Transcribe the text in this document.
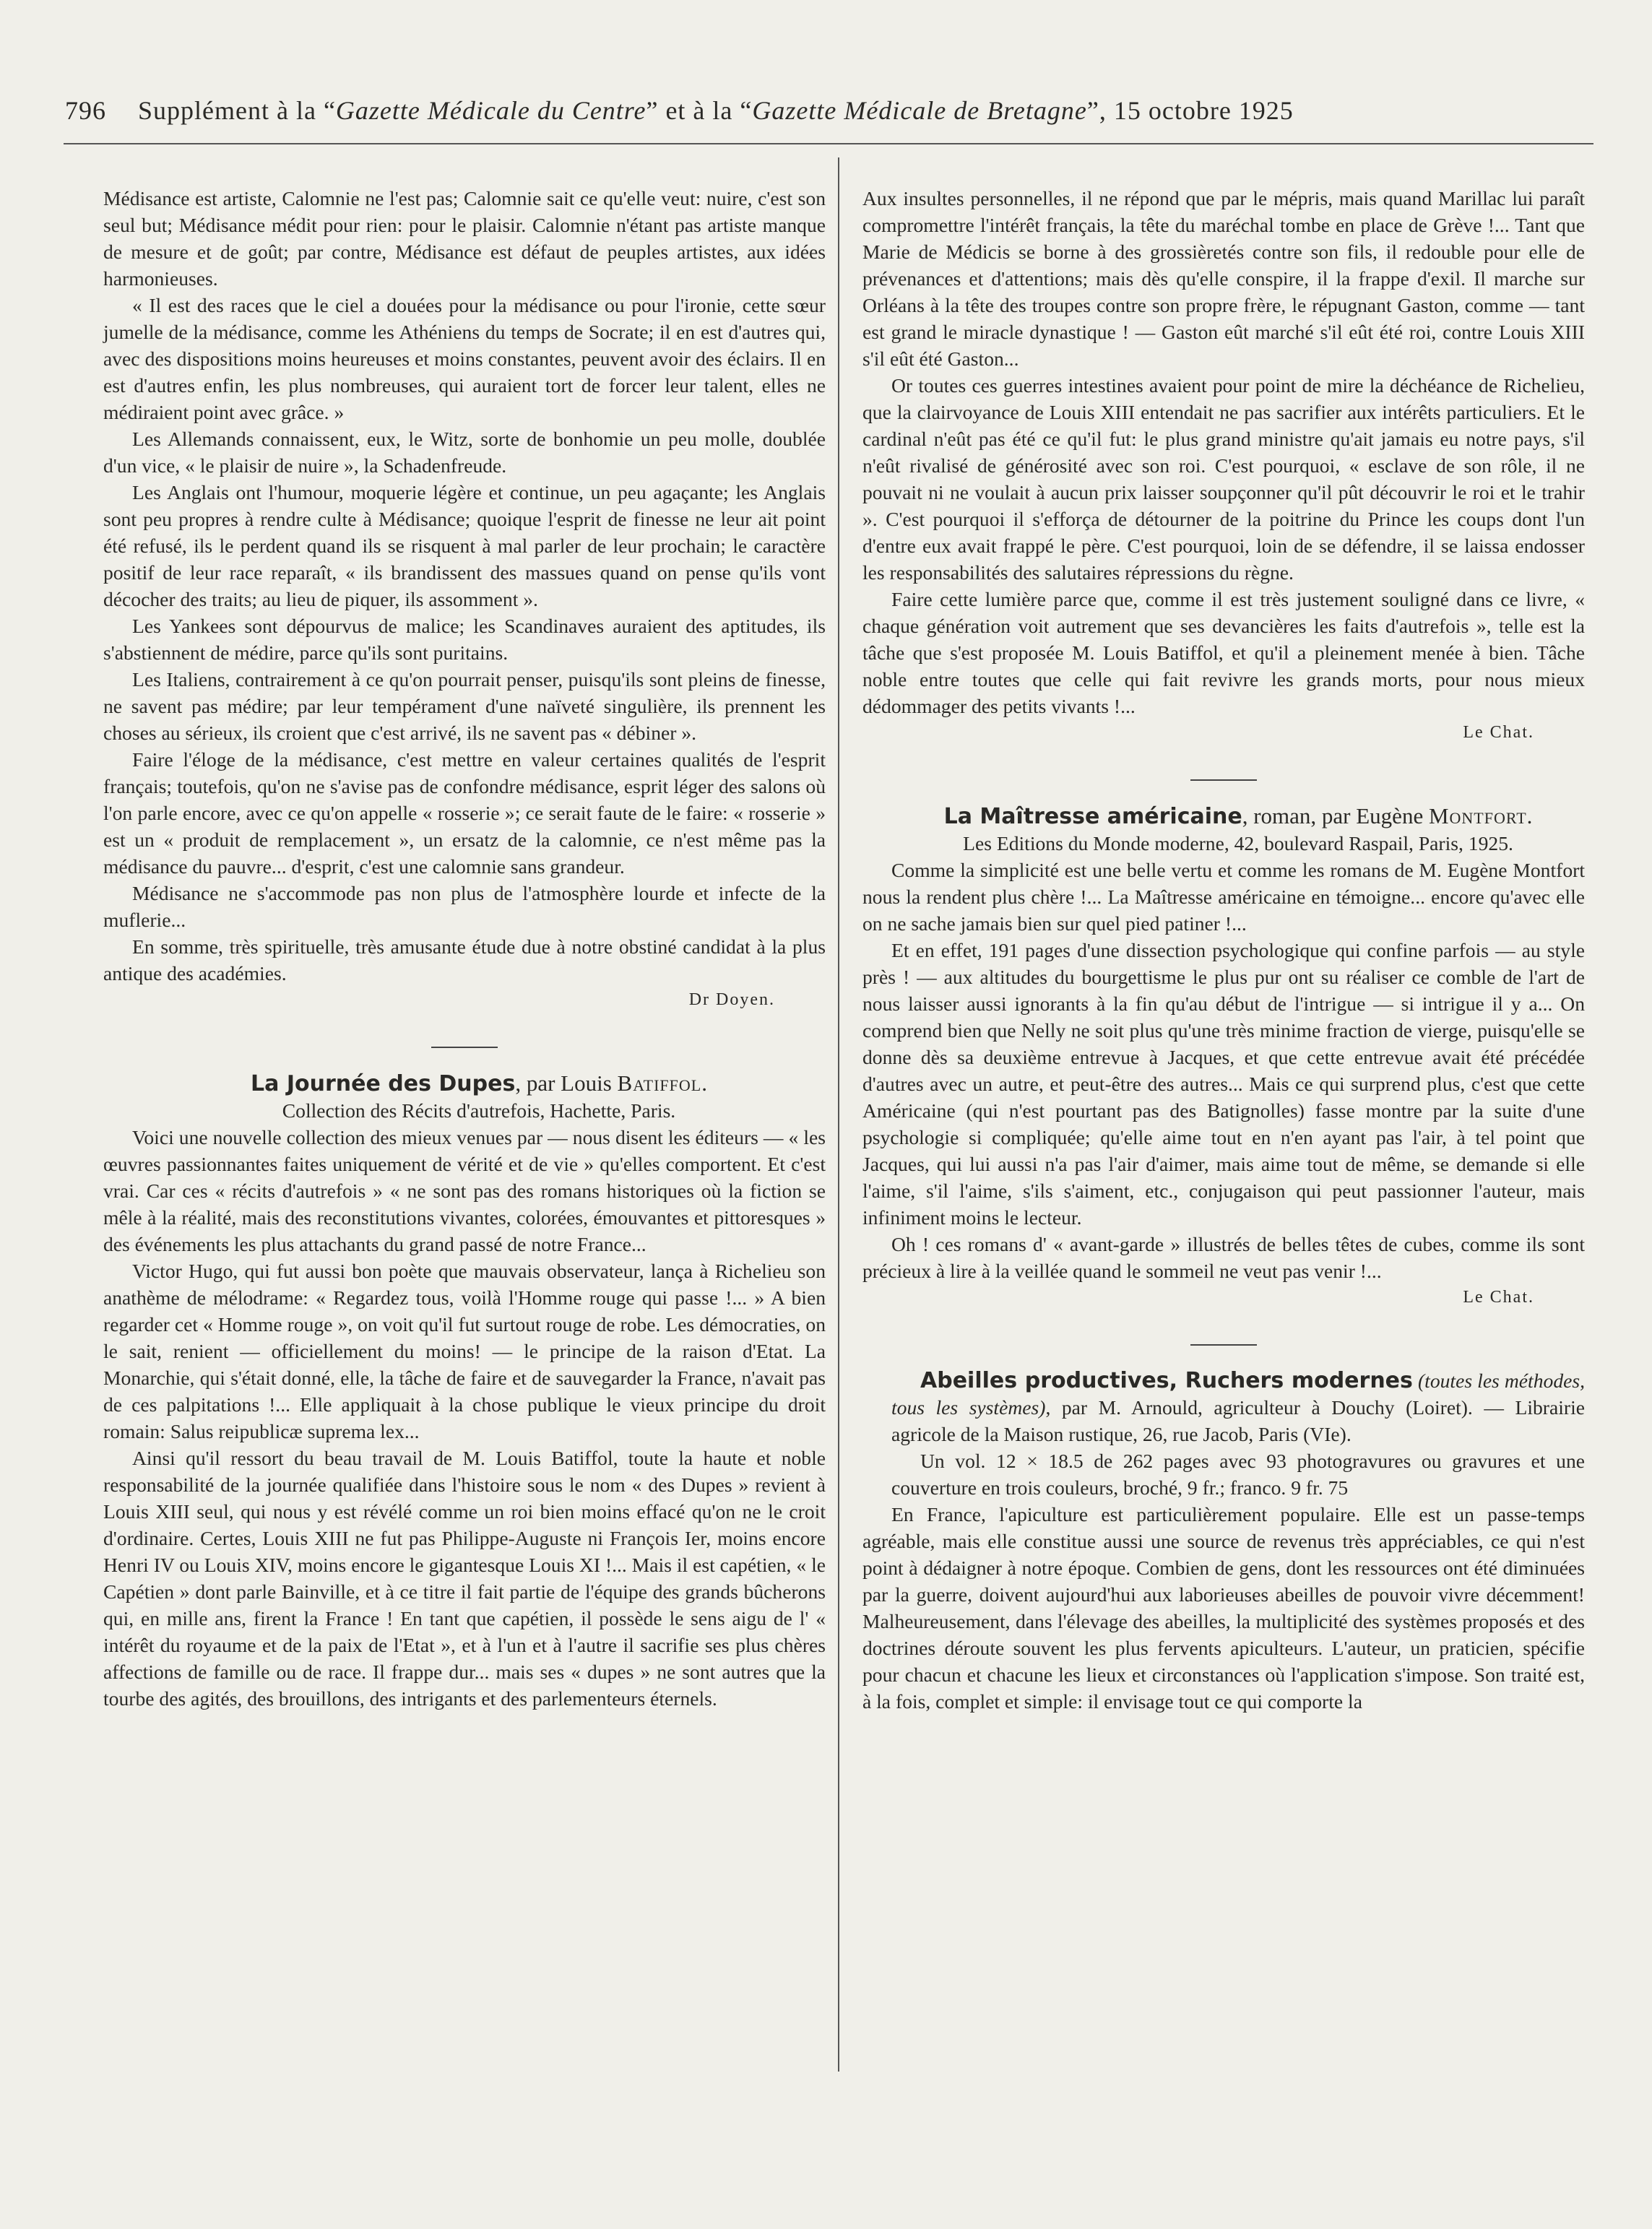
796 Supplément à la “Gazette Médicale du Centre” et à la “Gazette Médicale de Bretagne”, 15 octobre 1925

Médisance est artiste, Calomnie ne l'est pas; Calomnie sait ce qu'elle veut: nuire, c'est son seul but; Médisance médit pour rien: pour le plaisir. Calomnie n'étant pas artiste manque de mesure et de goût; par contre, Médisance est défaut de peuples artistes, aux idées harmonieuses.

« Il est des races que le ciel a douées pour la médisance ou pour l'ironie, cette sœur jumelle de la médisance, comme les Athéniens du temps de Socrate; il en est d'autres qui, avec des dispositions moins heureuses et moins constantes, peuvent avoir des éclairs. Il en est d'autres enfin, les plus nombreuses, qui auraient tort de forcer leur talent, elles ne médiraient point avec grâce. »

Les Allemands connaissent, eux, le Witz, sorte de bonhomie un peu molle, doublée d'un vice, « le plaisir de nuire », la Schadenfreude.

Les Anglais ont l'humour, moquerie légère et continue, un peu agaçante; les Anglais sont peu propres à rendre culte à Médisance; quoique l'esprit de finesse ne leur ait point été refusé, ils le perdent quand ils se risquent à mal parler de leur prochain; le caractère positif de leur race reparaît, « ils brandissent des massues quand on pense qu'ils vont décocher des traits; au lieu de piquer, ils assomment ».

Les Yankees sont dépourvus de malice; les Scandinaves auraient des aptitudes, ils s'abstiennent de médire, parce qu'ils sont puritains.

Les Italiens, contrairement à ce qu'on pourrait penser, puisqu'ils sont pleins de finesse, ne savent pas médire; par leur tempérament d'une naïveté singulière, ils prennent les choses au sérieux, ils croient que c'est arrivé, ils ne savent pas « débiner ».

Faire l'éloge de la médisance, c'est mettre en valeur certaines qualités de l'esprit français; toutefois, qu'on ne s'avise pas de confondre médisance, esprit léger des salons où l'on parle encore, avec ce qu'on appelle « rosserie »; ce serait faute de le faire: « rosserie » est un « produit de remplacement », un ersatz de la calomnie, ce n'est même pas la médisance du pauvre... d'esprit, c'est une calomnie sans grandeur.

Médisance ne s'accommode pas non plus de l'atmosphère lourde et infecte de la muflerie...

En somme, très spirituelle, très amusante étude due à notre obstiné candidat à la plus antique des académies.

Dr Doyen.

La Journée des Dupes, par Louis Batiffol.

Collection des Récits d'autrefois, Hachette, Paris.

Voici une nouvelle collection des mieux venues par — nous disent les éditeurs — « les œuvres passionnantes faites uniquement de vérité et de vie » qu'elles comportent. Et c'est vrai. Car ces « récits d'autrefois » « ne sont pas des romans historiques où la fiction se mêle à la réalité, mais des reconstitutions vivantes, colorées, émouvantes et pittoresques » des événements les plus attachants du grand passé de notre France...

Victor Hugo, qui fut aussi bon poète que mauvais observateur, lança à Richelieu son anathème de mélodrame: « Regardez tous, voilà l'Homme rouge qui passe !... » A bien regarder cet « Homme rouge », on voit qu'il fut surtout rouge de robe. Les démocraties, on le sait, renient — officiellement du moins! — le principe de la raison d'Etat. La Monarchie, qui s'était donné, elle, la tâche de faire et de sauvegarder la France, n'avait pas de ces palpitations !... Elle appliquait à la chose publique le vieux principe du droit romain: Salus reipublicæ suprema lex...

Ainsi qu'il ressort du beau travail de M. Louis Batiffol, toute la haute et noble responsabilité de la journée qualifiée dans l'histoire sous le nom « des Dupes » revient à Louis XIII seul, qui nous y est révélé comme un roi bien moins effacé qu'on ne le croit d'ordinaire. Certes, Louis XIII ne fut pas Philippe-Auguste ni François Ier, moins encore Henri IV ou Louis XIV, moins encore le gigantesque Louis XI !... Mais il est capétien, « le Capétien » dont parle Bainville, et à ce titre il fait partie de l'équipe des grands bûcherons qui, en mille ans, firent la France ! En tant que capétien, il possède le sens aigu de l' « intérêt du royaume et de la paix de l'Etat », et à l'un et à l'autre il sacrifie ses plus chères affections de famille ou de race. Il frappe dur... mais ses « dupes » ne sont autres que la tourbe des agités, des brouillons, des intrigants et des parlementeurs éternels.

Aux insultes personnelles, il ne répond que par le mépris, mais quand Marillac lui paraît compromettre l'intérêt français, la tête du maréchal tombe en place de Grève !... Tant que Marie de Médicis se borne à des grossièretés contre son fils, il redouble pour elle de prévenances et d'attentions; mais dès qu'elle conspire, il la frappe d'exil. Il marche sur Orléans à la tête des troupes contre son propre frère, le répugnant Gaston, comme — tant est grand le miracle dynastique ! — Gaston eût marché s'il eût été roi, contre Louis XIII s'il eût été Gaston...

Or toutes ces guerres intestines avaient pour point de mire la déchéance de Richelieu, que la clairvoyance de Louis XIII entendait ne pas sacrifier aux intérêts particuliers. Et le cardinal n'eût pas été ce qu'il fut: le plus grand ministre qu'ait jamais eu notre pays, s'il n'eût rivalisé de générosité avec son roi. C'est pourquoi, « esclave de son rôle, il ne pouvait ni ne voulait à aucun prix laisser soupçonner qu'il pût découvrir le roi et le trahir ». C'est pourquoi il s'efforça de détourner de la poitrine du Prince les coups dont l'un d'entre eux avait frappé le père. C'est pourquoi, loin de se défendre, il se laissa endosser les responsabilités des salutaires répressions du règne.

Faire cette lumière parce que, comme il est très justement souligné dans ce livre, « chaque génération voit autrement que ses devancières les faits d'autrefois », telle est la tâche que s'est proposée M. Louis Batiffol, et qu'il a pleinement menée à bien. Tâche noble entre toutes que celle qui fait revivre les grands morts, pour nous mieux dédommager des petits vivants !...

Le Chat.

La Maîtresse américaine, roman, par Eugène Montfort.

Les Editions du Monde moderne, 42, boulevard Raspail, Paris, 1925.

Comme la simplicité est une belle vertu et comme les romans de M. Eugène Montfort nous la rendent plus chère !... La Maîtresse américaine en témoigne... encore qu'avec elle on ne sache jamais bien sur quel pied patiner !...

Et en effet, 191 pages d'une dissection psychologique qui confine parfois — au style près ! — aux altitudes du bourgettisme le plus pur ont su réaliser ce comble de l'art de nous laisser aussi ignorants à la fin qu'au début de l'intrigue — si intrigue il y a... On comprend bien que Nelly ne soit plus qu'une très minime fraction de vierge, puisqu'elle se donne dès sa deuxième entrevue à Jacques, et que cette entrevue avait été précédée d'autres avec un autre, et peut-être des autres... Mais ce qui surprend plus, c'est que cette Américaine (qui n'est pourtant pas des Batignolles) fasse montre par la suite d'une psychologie si compliquée; qu'elle aime tout en n'en ayant pas l'air, à tel point que Jacques, qui lui aussi n'a pas l'air d'aimer, mais aime tout de même, se demande si elle l'aime, s'il l'aime, s'ils s'aiment, etc., conjugaison qui peut passionner l'auteur, mais infiniment moins le lecteur.

Oh ! ces romans d' « avant-garde » illustrés de belles têtes de cubes, comme ils sont précieux à lire à la veillée quand le sommeil ne veut pas venir !...

Le Chat.

Abeilles productives, Ruchers modernes (toutes les méthodes, tous les systèmes), par M. Arnould, agriculteur à Douchy (Loiret). — Librairie agricole de la Maison rustique, 26, rue Jacob, Paris (VIe).

Un vol. 12 × 18.5 de 262 pages avec 93 photogravures ou gravures et une couverture en trois couleurs, broché, 9 fr.; franco. 9 fr. 75

En France, l'apiculture est particulièrement populaire. Elle est un passe-temps agréable, mais elle constitue aussi une source de revenus très appréciables, ce qui n'est point à dédaigner à notre époque. Combien de gens, dont les ressources ont été diminuées par la guerre, doivent aujourd'hui aux laborieuses abeilles de pouvoir vivre décemment! Malheureusement, dans l'élevage des abeilles, la multiplicité des systèmes proposés et des doctrines déroute souvent les plus fervents apiculteurs. L'auteur, un praticien, spécifie pour chacun et chacune les lieux et circonstances où l'application s'impose. Son traité est, à la fois, complet et simple: il envisage tout ce qui comporte la
